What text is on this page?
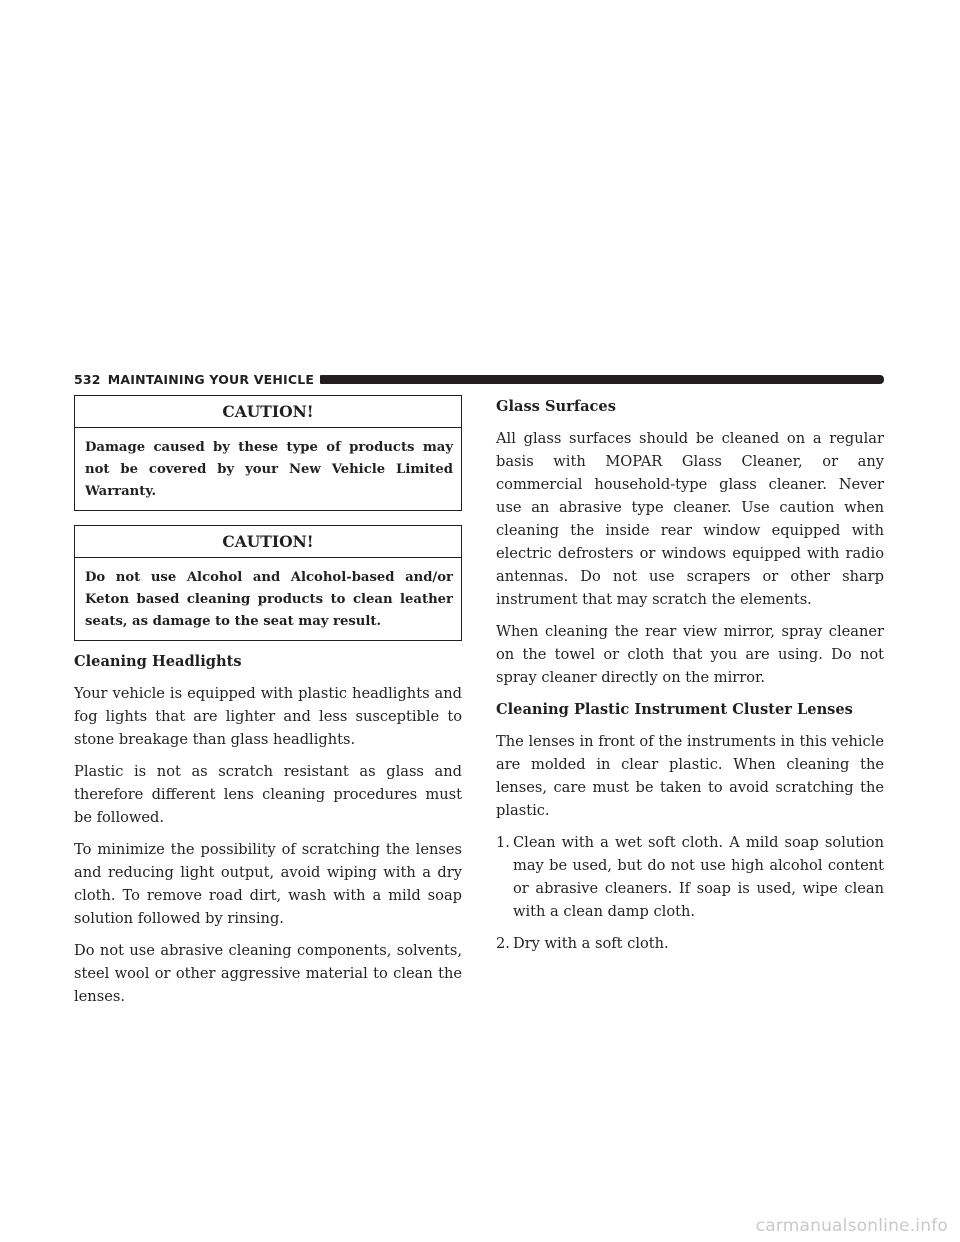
532 MAINTAINING YOUR VEHICLE
CAUTION!
Damage caused by these type of products may not be covered by your New Vehicle Limited Warranty.
CAUTION!
Do not use Alcohol and Alcohol-based and/or Keton based cleaning products to clean leather seats, as damage to the seat may result.
Cleaning Headlights

Your vehicle is equipped with plastic headlights and fog lights that are lighter and less susceptible to stone breakage than glass headlights.

Plastic is not as scratch resistant as glass and therefore different lens cleaning procedures must be followed.

To minimize the possibility of scratching the lenses and reducing light output, avoid wiping with a dry cloth. To remove road dirt, wash with a mild soap solution followed by rinsing.

Do not use abrasive cleaning components, solvents, steel wool or other aggressive material to clean the lenses.

Glass Surfaces

All glass surfaces should be cleaned on a regular basis with MOPAR Glass Cleaner, or any commercial household-type glass cleaner. Never use an abrasive type cleaner. Use caution when cleaning the inside rear window equipped with electric defrosters or windows equipped with radio antennas. Do not use scrapers or other sharp instrument that may scratch the elements.

When cleaning the rear view mirror, spray cleaner on the towel or cloth that you are using. Do not spray cleaner directly on the mirror.

Cleaning Plastic Instrument Cluster Lenses

The lenses in front of the instruments in this vehicle are molded in clear plastic. When cleaning the lenses, care must be taken to avoid scratching the plastic.

1. Clean with a wet soft cloth. A mild soap solution may be used, but do not use high alcohol content or abrasive cleaners. If soap is used, wipe clean with a clean damp cloth.
2. Dry with a soft cloth.
carmanualsonline.info
